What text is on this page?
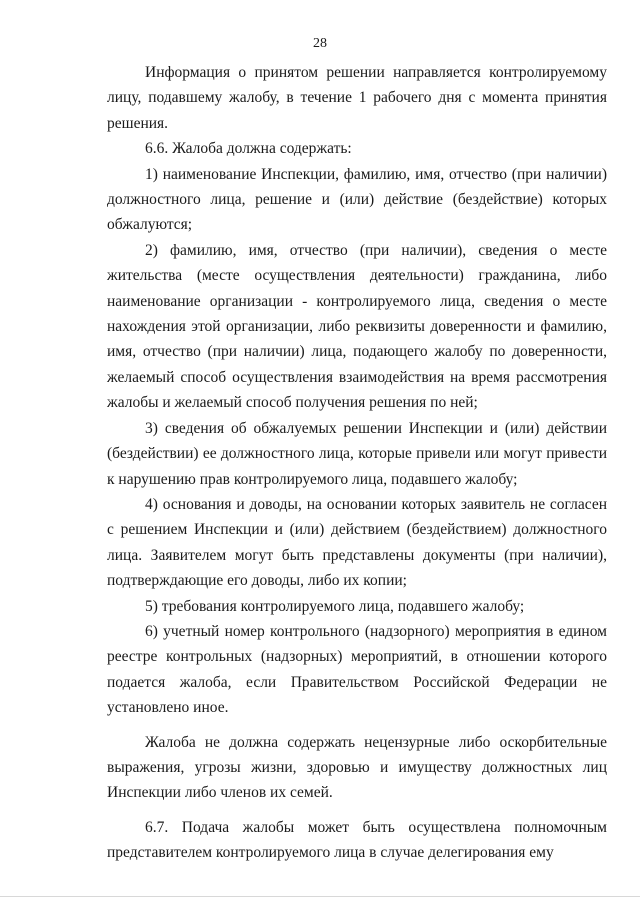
28

Информация о принятом решении направляется контролируемому лицу, подавшему жалобу, в течение 1 рабочего дня с момента принятия решения.

6.6. Жалоба должна содержать:

1) наименование Инспекции, фамилию, имя, отчество (при наличии) должностного лица, решение и (или) действие (бездействие) которых обжалуются;

2) фамилию, имя, отчество (при наличии), сведения о месте жительства (месте осуществления деятельности) гражданина, либо наименование организации - контролируемого лица, сведения о месте нахождения этой организации, либо реквизиты доверенности и фамилию, имя, отчество (при наличии) лица, подающего жалобу по доверенности, желаемый способ осуществления взаимодействия на время рассмотрения жалобы и желаемый способ получения решения по ней;

3) сведения об обжалуемых решении Инспекции и (или) действии (бездействии) ее должностного лица, которые привели или могут привести к нарушению прав контролируемого лица, подавшего жалобу;

4) основания и доводы, на основании которых заявитель не согласен с решением Инспекции и (или) действием (бездействием) должностного лица. Заявителем могут быть представлены документы (при наличии), подтверждающие его доводы, либо их копии;

5) требования контролируемого лица, подавшего жалобу;

6) учетный номер контрольного (надзорного) мероприятия в едином реестре контрольных (надзорных) мероприятий, в отношении которого подается жалоба, если Правительством Российской Федерации не установлено иное.

Жалоба не должна содержать нецензурные либо оскорбительные выражения, угрозы жизни, здоровью и имуществу должностных лиц Инспекции либо членов их семей.

6.7. Подача жалобы может быть осуществлена полномочным представителем контролируемого лица в случае делегирования ему
